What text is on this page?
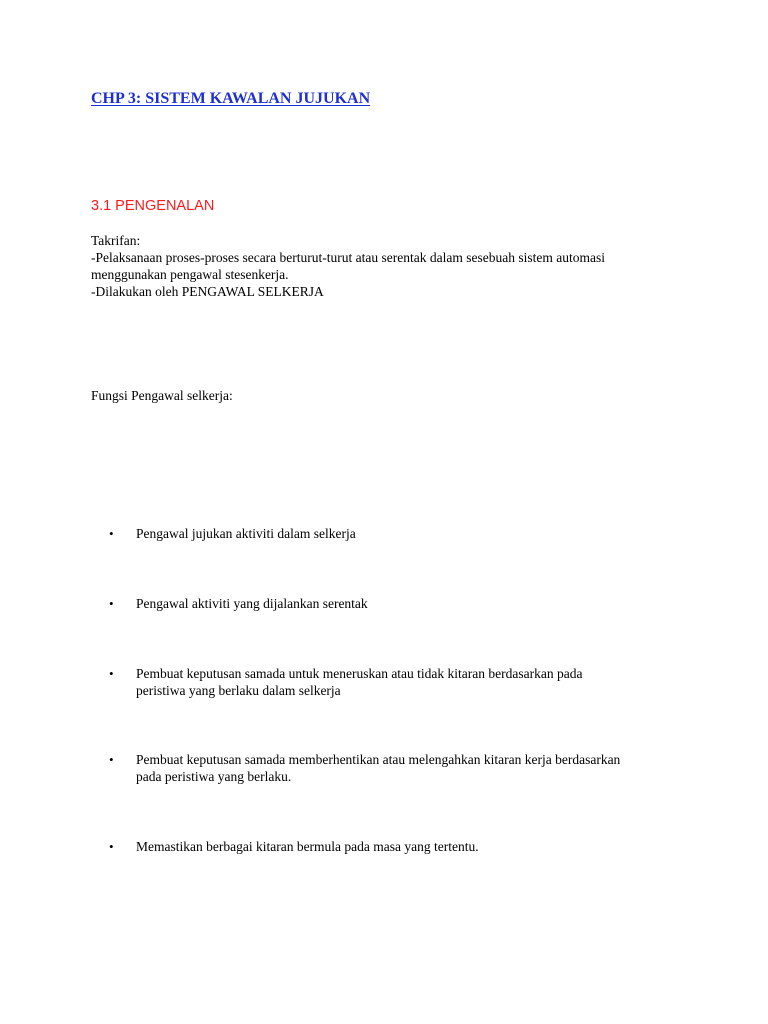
CHP 3: SISTEM KAWALAN JUJUKAN
3.1 PENGENALAN
Takrifan:
-Pelaksanaan proses-proses secara berturut-turut atau serentak dalam sesebuah sistem automasi
menggunakan pengawal stesenkerja.
-Dilakukan oleh PENGAWAL SELKERJA
Fungsi Pengawal selkerja:
• Pengawal jujukan aktiviti dalam selkerja
• Pengawal aktiviti yang dijalankan serentak
• Pembuat keputusan samada untuk meneruskan atau tidak kitaran berdasarkan pada
peristiwa yang berlaku dalam selkerja
• Pembuat keputusan samada memberhentikan atau melengahkan kitaran kerja berdasarkan
pada peristiwa yang berlaku.
• Memastikan berbagai kitaran bermula pada masa yang tertentu.
